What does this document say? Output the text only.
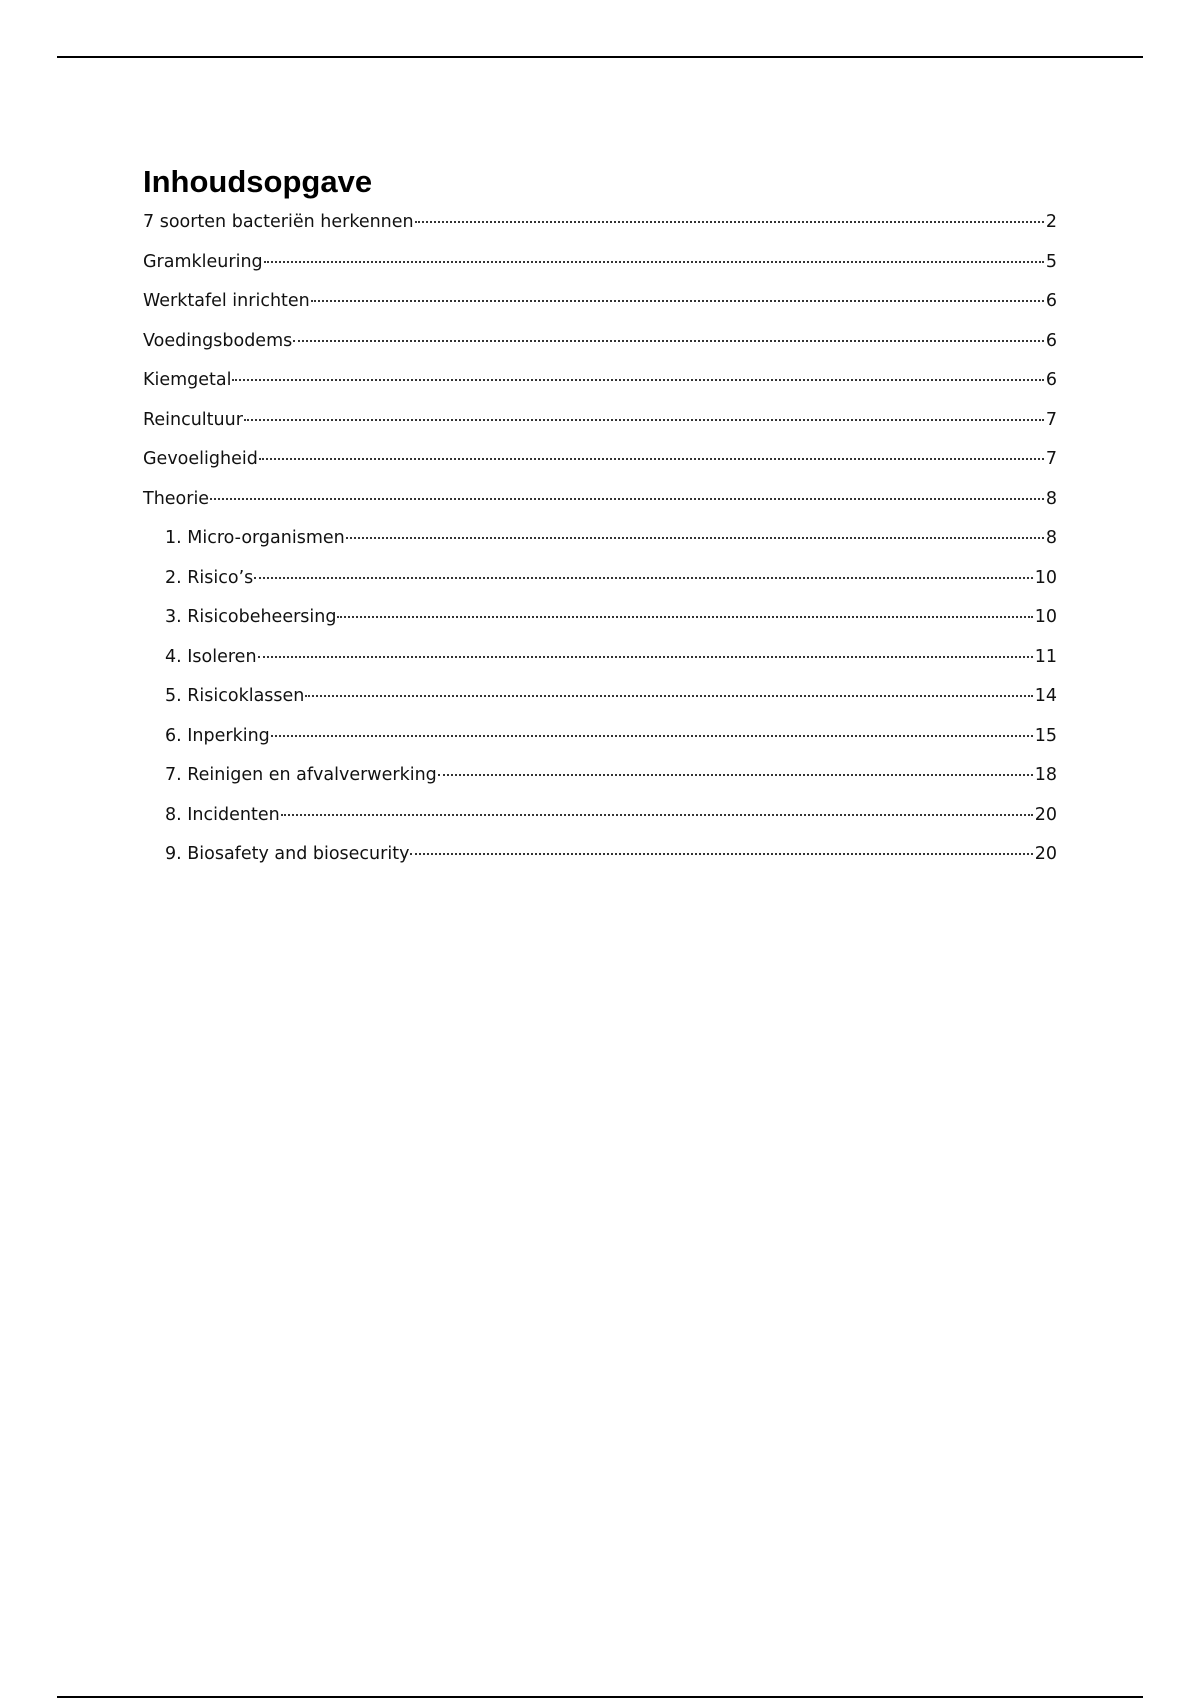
Inhoudsopgave
7 soorten bacteriën herkennen	2
Gramkleuring	5
Werktafel inrichten	6
Voedingsbodems	6
Kiemgetal	6
Reincultuur	7
Gevoeligheid	7
Theorie	8
1. Micro-organismen	8
2. Risico’s	10
3. Risicobeheersing	10
4. Isoleren	11
5. Risicoklassen	14
6. Inperking	15
7. Reinigen en afvalverwerking	18
8. Incidenten	20
9. Biosafety and biosecurity	20
